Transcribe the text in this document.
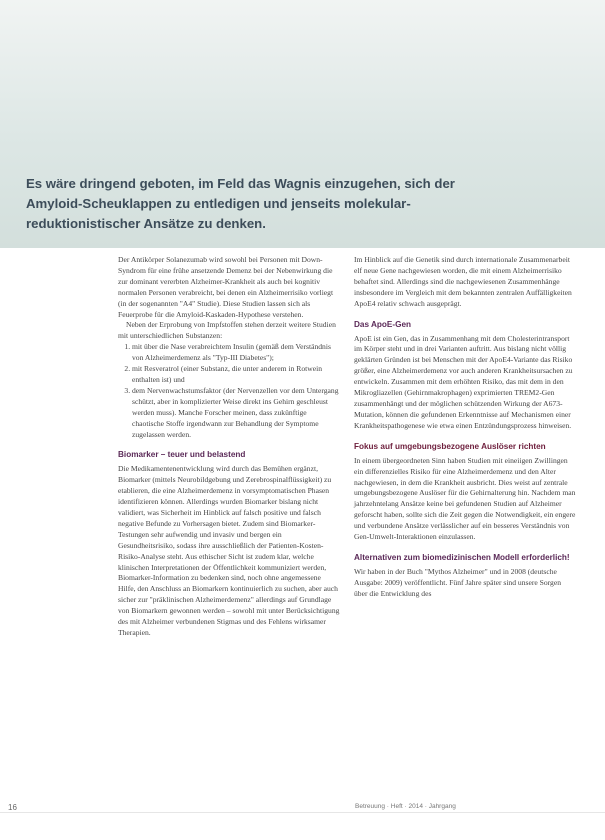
Es wäre dringend geboten, im Feld das Wagnis einzugehen, sich der Amyloid-Scheuklappen zu entledigen und jenseits molekular-reduktionistischer Ansätze zu denken.

Der Antikörper Solanezumab wird sowohl bei Personen mit Down-Syndrom für eine frühe ansetzende Demenz bei der Nebenwirkung die zur dominant vererbten Alzheimer-Krankheit als auch bei kognitiv normalen Personen verabreicht, bei denen ein Alzheimerrisiko vorliegt (in der sogenannten "A4" Studie). Diese Studien lassen sich als Feuerprobe für die Amyloid-Kaskaden-Hypothese verstehen.

Neben der Erprobung von Impfstoffen stehen derzeit weitere Studien mit unterschiedlichen Substanzen:

1. mit über die Nase verabreichtem Insulin (gemäß dem Verständnis von Alzheimerdemenz als "Typ-III Diabetes");
2. mit Resveratrol (einer Substanz, die unter anderem in Rotwein enthalten ist) und
3. dem Nervenwachstumsfaktor (der Nervenzellen vor dem Untergang schützt, aber in komplizierter Weise direkt ins Gehirn geschleust werden muss). Manche Forscher meinen, dass zukünftige chaotische Stoffe irgendwann zur Behandlung der Symptome zugelassen werden.
Biomarker – teuer und belastend

Die Medikamentenentwicklung wird durch das Bemühen ergänzt, Biomarker (mittels Neurobildgebung und Zerebrospinalflüssigkeit) zu etablieren, die eine Alzheimerdemenz in vorsymptomatischen Phasen identifizieren können. Allerdings wurden Biomarker bislang nicht validiert, was Sicherheit im Hinblick auf falsch positive und falsch negative Befunde zu Vorhersagen bietet. Zudem sind Biomarker-Testungen sehr aufwendig und invasiv und bergen ein Gesundheitsrisiko, sodass ihre ausschließlich der Patienten-Kosten-Risiko-Analyse steht. Aus ethischer Sicht ist zudem klar, welche klinischen Interpretationen der Öffentlichkeit kommuniziert werden, Biomarker-Information zu bedenken sind, noch ohne angemessene Hilfe, den Anschluss an Biomarkern kontinuierlich zu suchen, aber auch sicher zur "präklinischen Alzheimerdemenz" allerdings auf Grundlage von Biomarkern gewonnen werden – sowohl mit unter Berücksichtigung des mit Alzheimer verbundenen Stigmas und des Fehlens wirksamer Therapien.

Im Hinblick auf die Genetik sind durch internationale Zusammenarbeit elf neue Gene nachgewiesen worden, die mit einem Alzheimerrisiko behaftet sind. Allerdings sind die nachgewiesenen Zusammenhänge insbesondere im Vergleich mit dem bekannten zentralen Auffälligkeiten ApoE4 relativ schwach ausgeprägt.

Das ApoE-Gen

ApoE ist ein Gen, das in Zusammenhang mit dem Cholesterintransport im Körper steht und in drei Varianten auftritt. Aus bislang nicht völlig geklärten Gründen ist bei Menschen mit der ApoE4-Variante das Risiko größer, eine Alzheimerdemenz vor auch anderen Krankheitsursachen zu entwickeln. Zusammen mit dem erhöhten Risiko, das mit dem in den Mikrogliazellen (Gehirnmakrophagen) exprimierten TREM2-Gen zusammenhängt und der möglichen schützenden Wirkung der A673-Mutation, können die gefundenen Erkenntnisse auf Mechanismen einer Krankheitspathogenese wie etwa einen Entzündungsprozess hinweisen.

Fokus auf umgebungsbezogene Auslöser richten

In einem übergeordneten Sinn haben Studien mit eineiigen Zwillingen ein differenzielles Risiko für eine Alzheimerdemenz und den Alter nachgewiesen, in dem die Krankheit ausbricht. Dies weist auf zentrale umgebungsbezogene Auslöser für die Gehirnalterung hin. Nachdem man jahrzehntelang Ansätze keine bei gefundenen Studien auf Alzheimer geforscht haben, sollte sich die Zeit gegen die Notwendigkeit, ein engere und verbundene Ansätze verlässlicher auf ein besseres Verständnis von Gen-Umwelt-Interaktionen einzulassen.

Alternativen zum biomedizinischen Modell erforderlich!

Wir haben in der Buch "Mythos Alzheimer" und in 2008 (deutsche Ausgabe: 2009) veröffentlicht. Fünf Jahre später sind unsere Sorgen über die Entwicklung des

16	Betreuung · Heft · 2014 · Jahrgang
